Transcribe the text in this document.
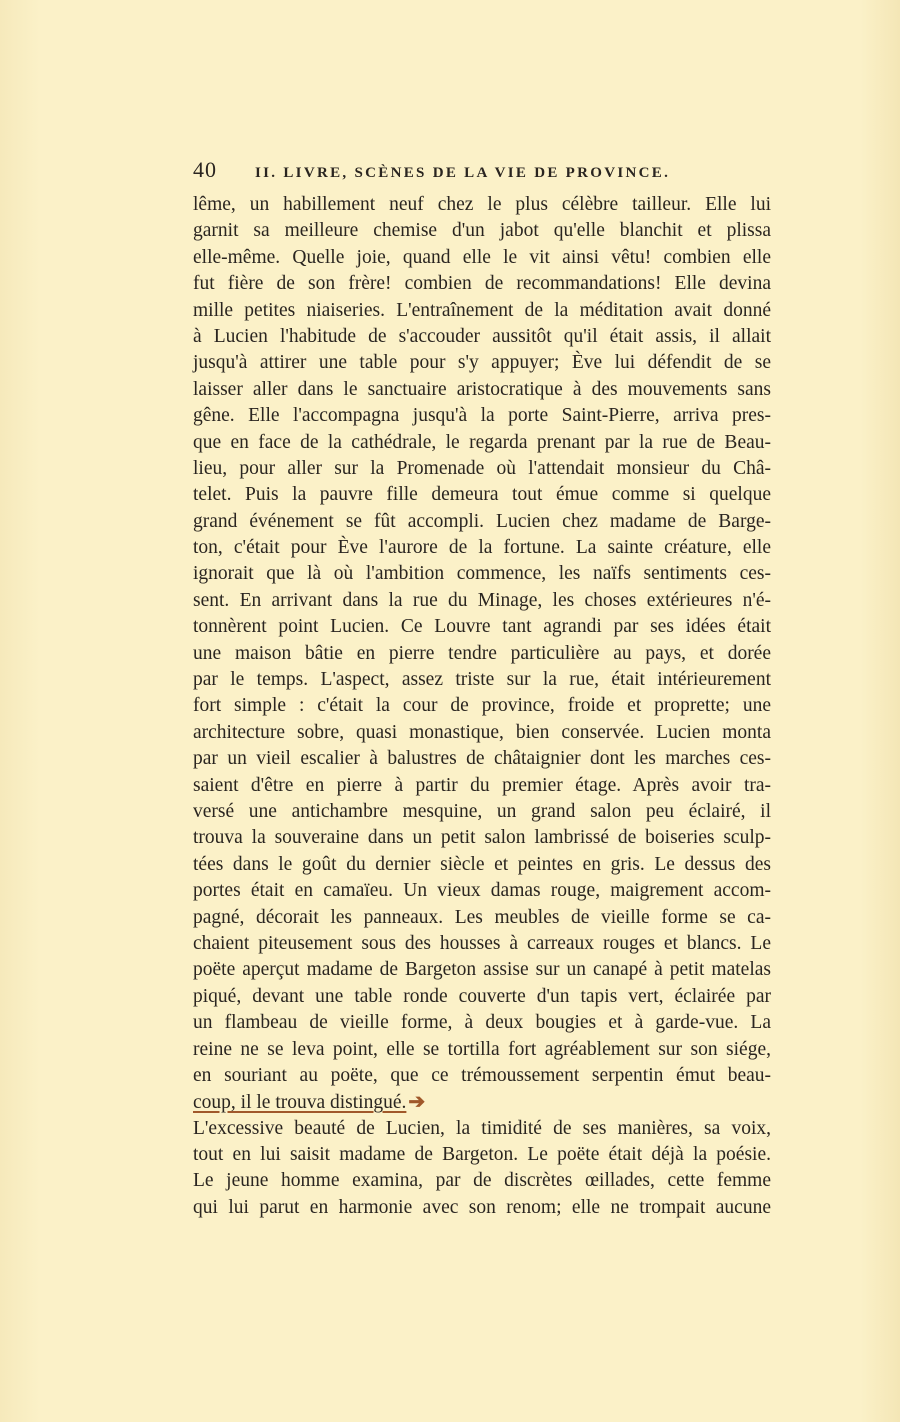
40	II. LIVRE, SCÈNES DE LA VIE DE PROVINCE.
lême, un habillement neuf chez le plus célèbre tailleur. Elle lui
garnit sa meilleure chemise d'un jabot qu'elle blanchit et plissa
elle-même. Quelle joie, quand elle le vit ainsi vêtu! combien elle
fut fière de son frère! combien de recommandations! Elle devina
mille petites niaiseries. L'entraînement de la méditation avait donné
à Lucien l'habitude de s'accouder aussitôt qu'il était assis, il allait
jusqu'à attirer une table pour s'y appuyer; Ève lui défendit de se
laisser aller dans le sanctuaire aristocratique à des mouvements sans
gêne. Elle l'accompagna jusqu'à la porte Saint-Pierre, arriva pres-
que en face de la cathédrale, le regarda prenant par la rue de Beau-
lieu, pour aller sur la Promenade où l'attendait monsieur du Châ-
telet. Puis la pauvre fille demeura tout émue comme si quelque
grand événement se fût accompli. Lucien chez madame de Barge-
ton, c'était pour Ève l'aurore de la fortune. La sainte créature, elle
ignorait que là où l'ambition commence, les naïfs sentiments ces-
sent. En arrivant dans la rue du Minage, les choses extérieures n'é-
tonnèrent point Lucien. Ce Louvre tant agrandi par ses idées était
une maison bâtie en pierre tendre particulière au pays, et dorée
par le temps. L'aspect, assez triste sur la rue, était intérieurement
fort simple : c'était la cour de province, froide et proprette; une
architecture sobre, quasi monastique, bien conservée. Lucien monta
par un vieil escalier à balustres de châtaignier dont les marches ces-
saient d'être en pierre à partir du premier étage. Après avoir tra-
versé une antichambre mesquine, un grand salon peu éclairé, il
trouva la souveraine dans un petit salon lambrissé de boiseries sculp-
tées dans le goût du dernier siècle et peintes en gris. Le dessus des
portes était en camaïeu. Un vieux damas rouge, maigrement accom-
pagné, décorait les panneaux. Les meubles de vieille forme se ca-
chaient piteusement sous des housses à carreaux rouges et blancs. Le
poëte aperçut madame de Bargeton assise sur un canapé à petit matelas
piqué, devant une table ronde couverte d'un tapis vert, éclairée par
un flambeau de vieille forme, à deux bougies et à garde-vue. La
reine ne se leva point, elle se tortilla fort agréablement sur son siége,
en souriant au poëte, que ce trémoussement serpentin émut beau-
coup, il le trouva distingué. ➔
L'excessive beauté de Lucien, la timidité de ses manières, sa voix,
tout en lui saisit madame de Bargeton. Le poëte était déjà la poésie.
Le jeune homme examina, par de discrètes œillades, cette femme
qui lui parut en harmonie avec son renom; elle ne trompait aucune
